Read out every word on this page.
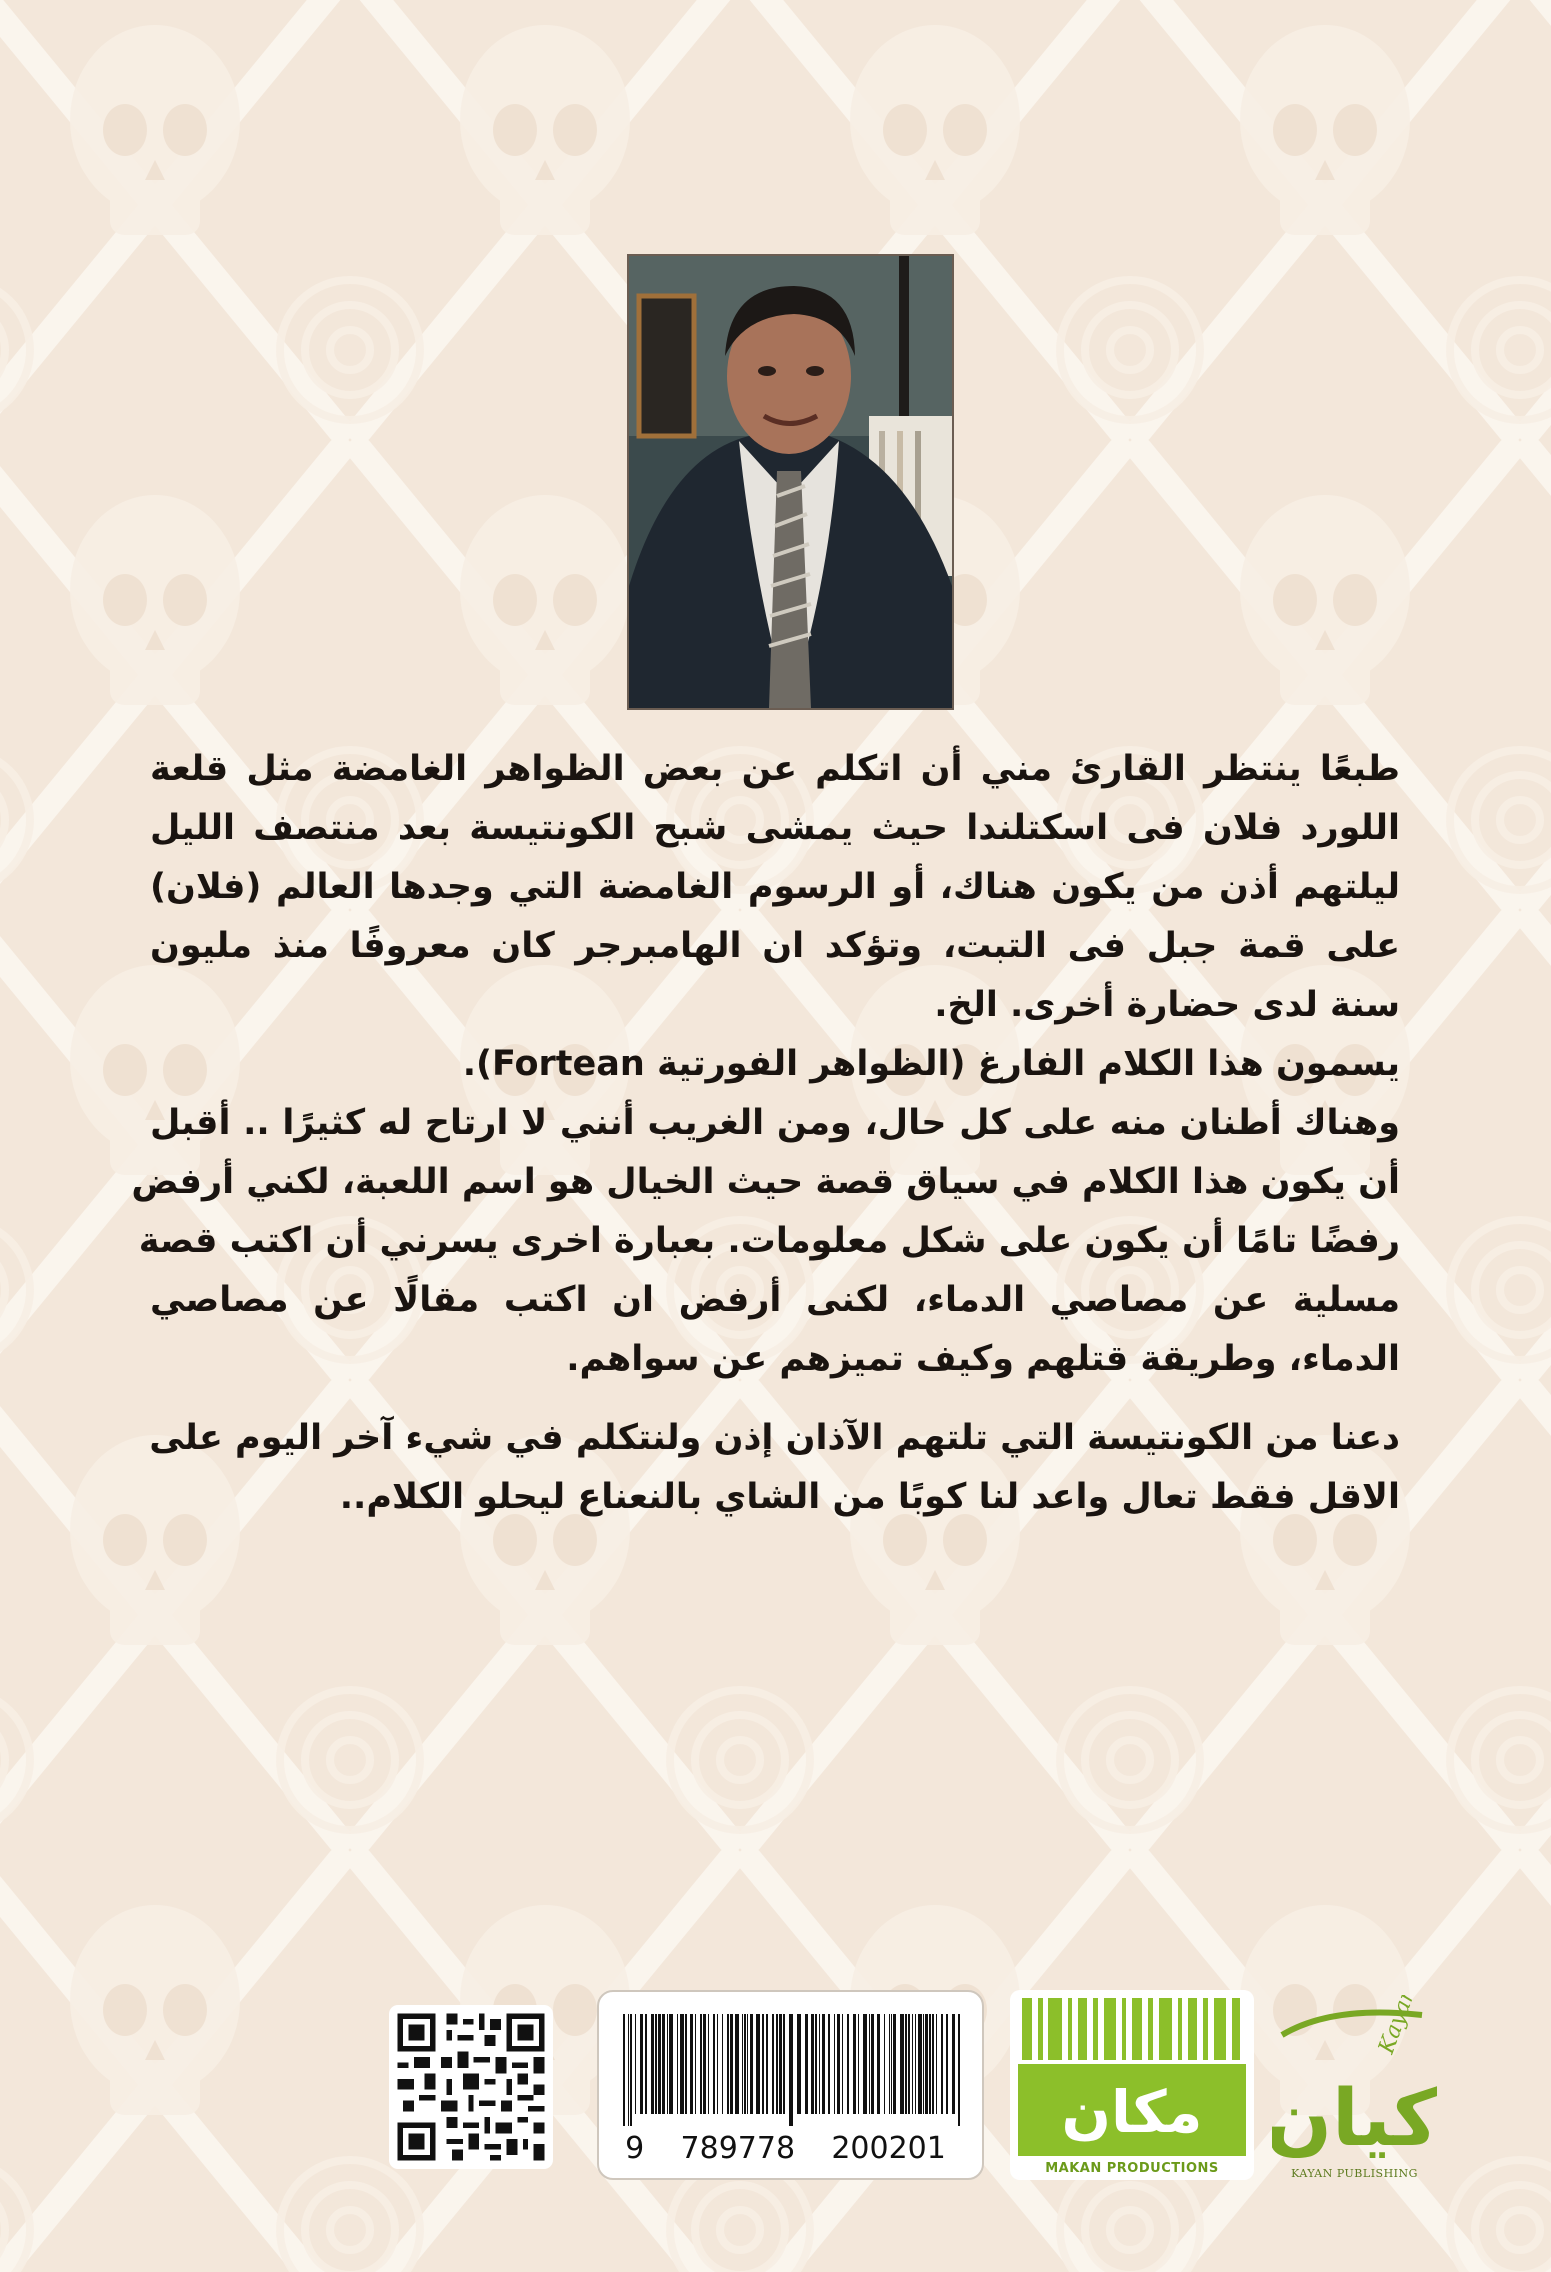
طبعًا ينتظر القارئ مني أن اتكلم عن بعض الظواهر الغامضة مثل قلعة
اللورد فلان فى اسكتلندا حيث يمشى شبح الكونتيسة بعد منتصف الليل
ليلتهم أذن من يكون هناك، أو الرسوم الغامضة التي وجدها العالم (فلان)
على قمة جبل فى التبت، وتؤكد ان الهامبرجر كان معروفًا منذ مليون
سنة لدى حضارة أخرى. الخ.
يسمون هذا الكلام الفارغ (الظواهر الفورتية Fortean).
وهناك أطنان منه على كل حال، ومن الغريب أنني لا ارتاح له كثيرًا .. أقبل
أن يكون هذا الكلام في سياق قصة حيث الخيال هو اسم اللعبة، لكني أرفض
رفضًا تامًا أن يكون على شكل معلومات. بعبارة اخرى يسرني أن اكتب قصة
مسلية عن مصاصي الدماء، لكنى أرفض ان اكتب مقالًا عن مصاصي
الدماء، وطريقة قتلهم وكيف تميزهم عن سواهم.
دعنا من الكونتيسة التي تلتهم الآذان إذن ولنتكلم في شيء آخر اليوم على
الاقل فقط تعال واعد لنا كوبًا من الشاي بالنعناع ليحلو الكلام..
9 789778 200201
مكان
MAKAN PRODUCTIONS
Kayan
كيان
KAYAN PUBLISHING
